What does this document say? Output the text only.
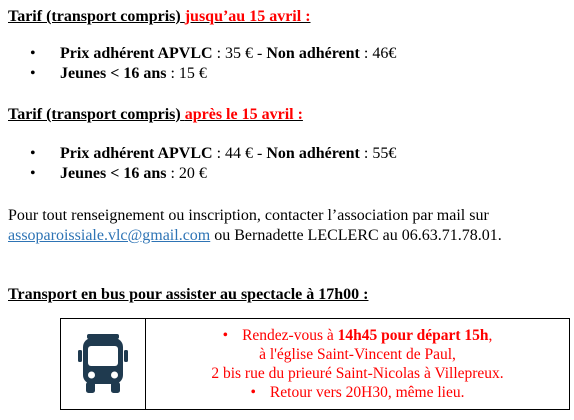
Tarif (transport compris) jusqu’au 15 avril :
• Prix adhérent APVLC : 35 € - Non adhérent : 46€
• Jeunes < 16 ans : 15 €
Tarif (transport compris) après le 15 avril :
• Prix adhérent APVLC : 44 € - Non adhérent : 55€
• Jeunes < 16 ans : 20 €
Pour tout renseignement ou inscription, contacter l’association par mail sur
assoparoissiale.vlc@gmail.com ou Bernadette LECLERC au 06.63.71.78.01.
Transport en bus pour assister au spectacle à 17h00 :
• Rendez-vous à 14h45 pour départ 15h,
à l'église Saint-Vincent de Paul,
2 bis rue du prieuré Saint-Nicolas à Villepreux.
• Retour vers 20H30, même lieu.
